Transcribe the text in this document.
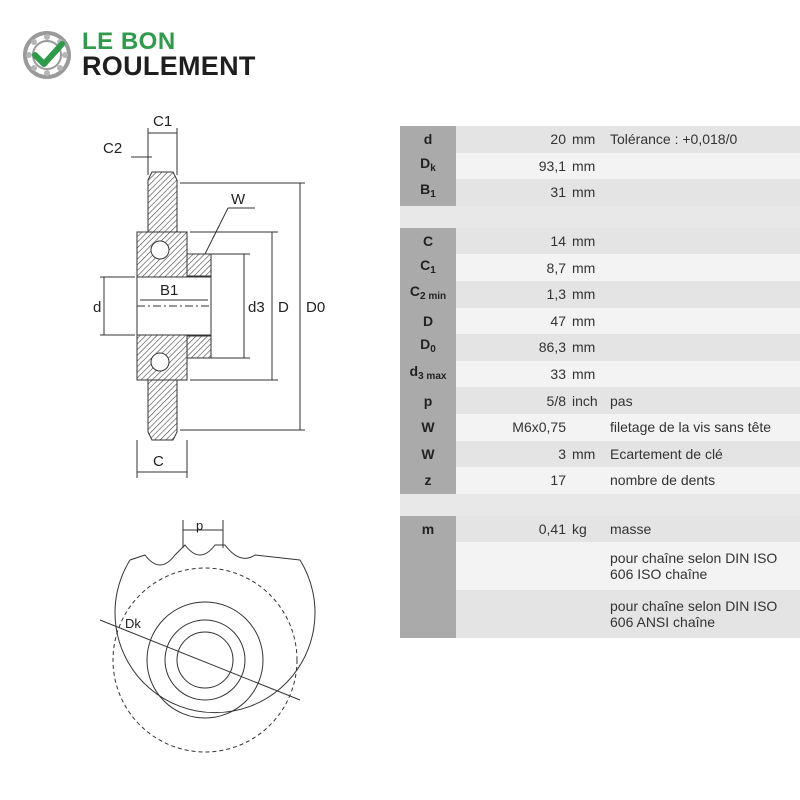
LE BON
ROULEMENT
C1
C2
W
B1
d	d3 D D0
C
p
Dk
d	20	mm	Tolérance : +0,018/0
$D_k$	93,1	mm	
$B_1$	31	mm	

C	14	mm	
$C_1$	8,7	mm	
$C_{2 min}$	1,3	mm	
D	47	mm	
$D_0$	86,3	mm	
$d_{3 max}$	33	mm	
p	5/8	inch	pas
W	M6x0,75		filetage de la vis sans tête
W	3	mm	Ecartement de clé
z	17		nombre de dents

m	0,41	kg	masse
			pour chaîne selon DIN ISO 606 ISO chaîne
			pour chaîne selon DIN ISO 606 ANSI chaîne
